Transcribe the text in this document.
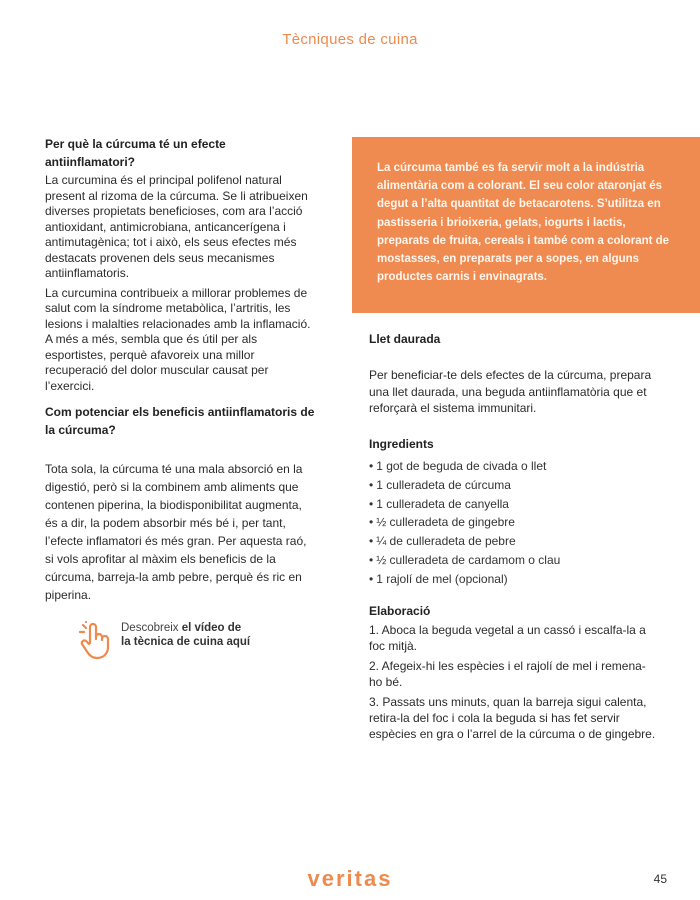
Tècniques de cuina
Per què la cúrcuma té un efecte antiinflamatori?

La curcumina és el principal polifenol natural present al rizoma de la cúrcuma. Se li atribueixen diverses propietats beneficioses, com ara l’acció antioxidant, antimicrobiana, anticancerígena i antimutagènica; tot i això, els seus efectes més destacats provenen dels seus mecanismes antiinflamatoris.

La curcumina contribueix a millorar problemes de salut com la síndrome metabòlica, l’artritis, les lesions i malalties relacionades amb la inflamació. A més a més, sembla que és útil per als esportistes, perquè afavoreix una millor recuperació del dolor muscular causat per l’exercici.

Com potenciar els beneficis antiinflamatoris de la cúrcuma?

Tota sola, la cúrcuma té una mala absorció en la digestió, però si la combinem amb aliments que contenen piperina, la biodisponibilitat augmenta, és a dir, la podem absorbir més bé i, per tant, l’efecte inflamatori és més gran. Per aquesta raó, si vols aprofitar al màxim els beneficis de la cúrcuma, barreja-la amb pebre, perquè és ric en piperina.

Descobreix el vídeo de la tècnica de cuina aquí

La cúrcuma també es fa servir molt a la indústria alimentària com a colorant. El seu color ataronjat és degut a l’alta quantitat de betacarotens. S’utilitza en pastisseria i brioixeria, gelats, iogurts i lactis, preparats de fruita, cereals i també com a colorant de mostasses, en preparats per a sopes, en alguns productes carnis i envinagrats.

Llet daurada

Per beneficiar-te dels efectes de la cúrcuma, prepara una llet daurada, una beguda antiinflamatòria que et reforçarà el sistema immunitari.

Ingredients
• 1 got de beguda de civada o llet
• 1 culleradeta de cúrcuma
• 1 culleradeta de canyella
• ½ culleradeta de gingebre
• ¼ de culleradeta de pebre
• ½ culleradeta de cardamom o clau
• 1 rajolí de mel (opcional)
Elaboració

1. Aboca la beguda vegetal a un cassó i escalfa-la a foc mitjà.

2. Afegeix-hi les espècies i el rajolí de mel i remena-ho bé.

3. Passats uns minuts, quan la barreja sigui calenta, retira-la del foc i cola la beguda si has fet servir espècies en gra o l’arrel de la cúrcuma o de gingebre.

veritas	45
